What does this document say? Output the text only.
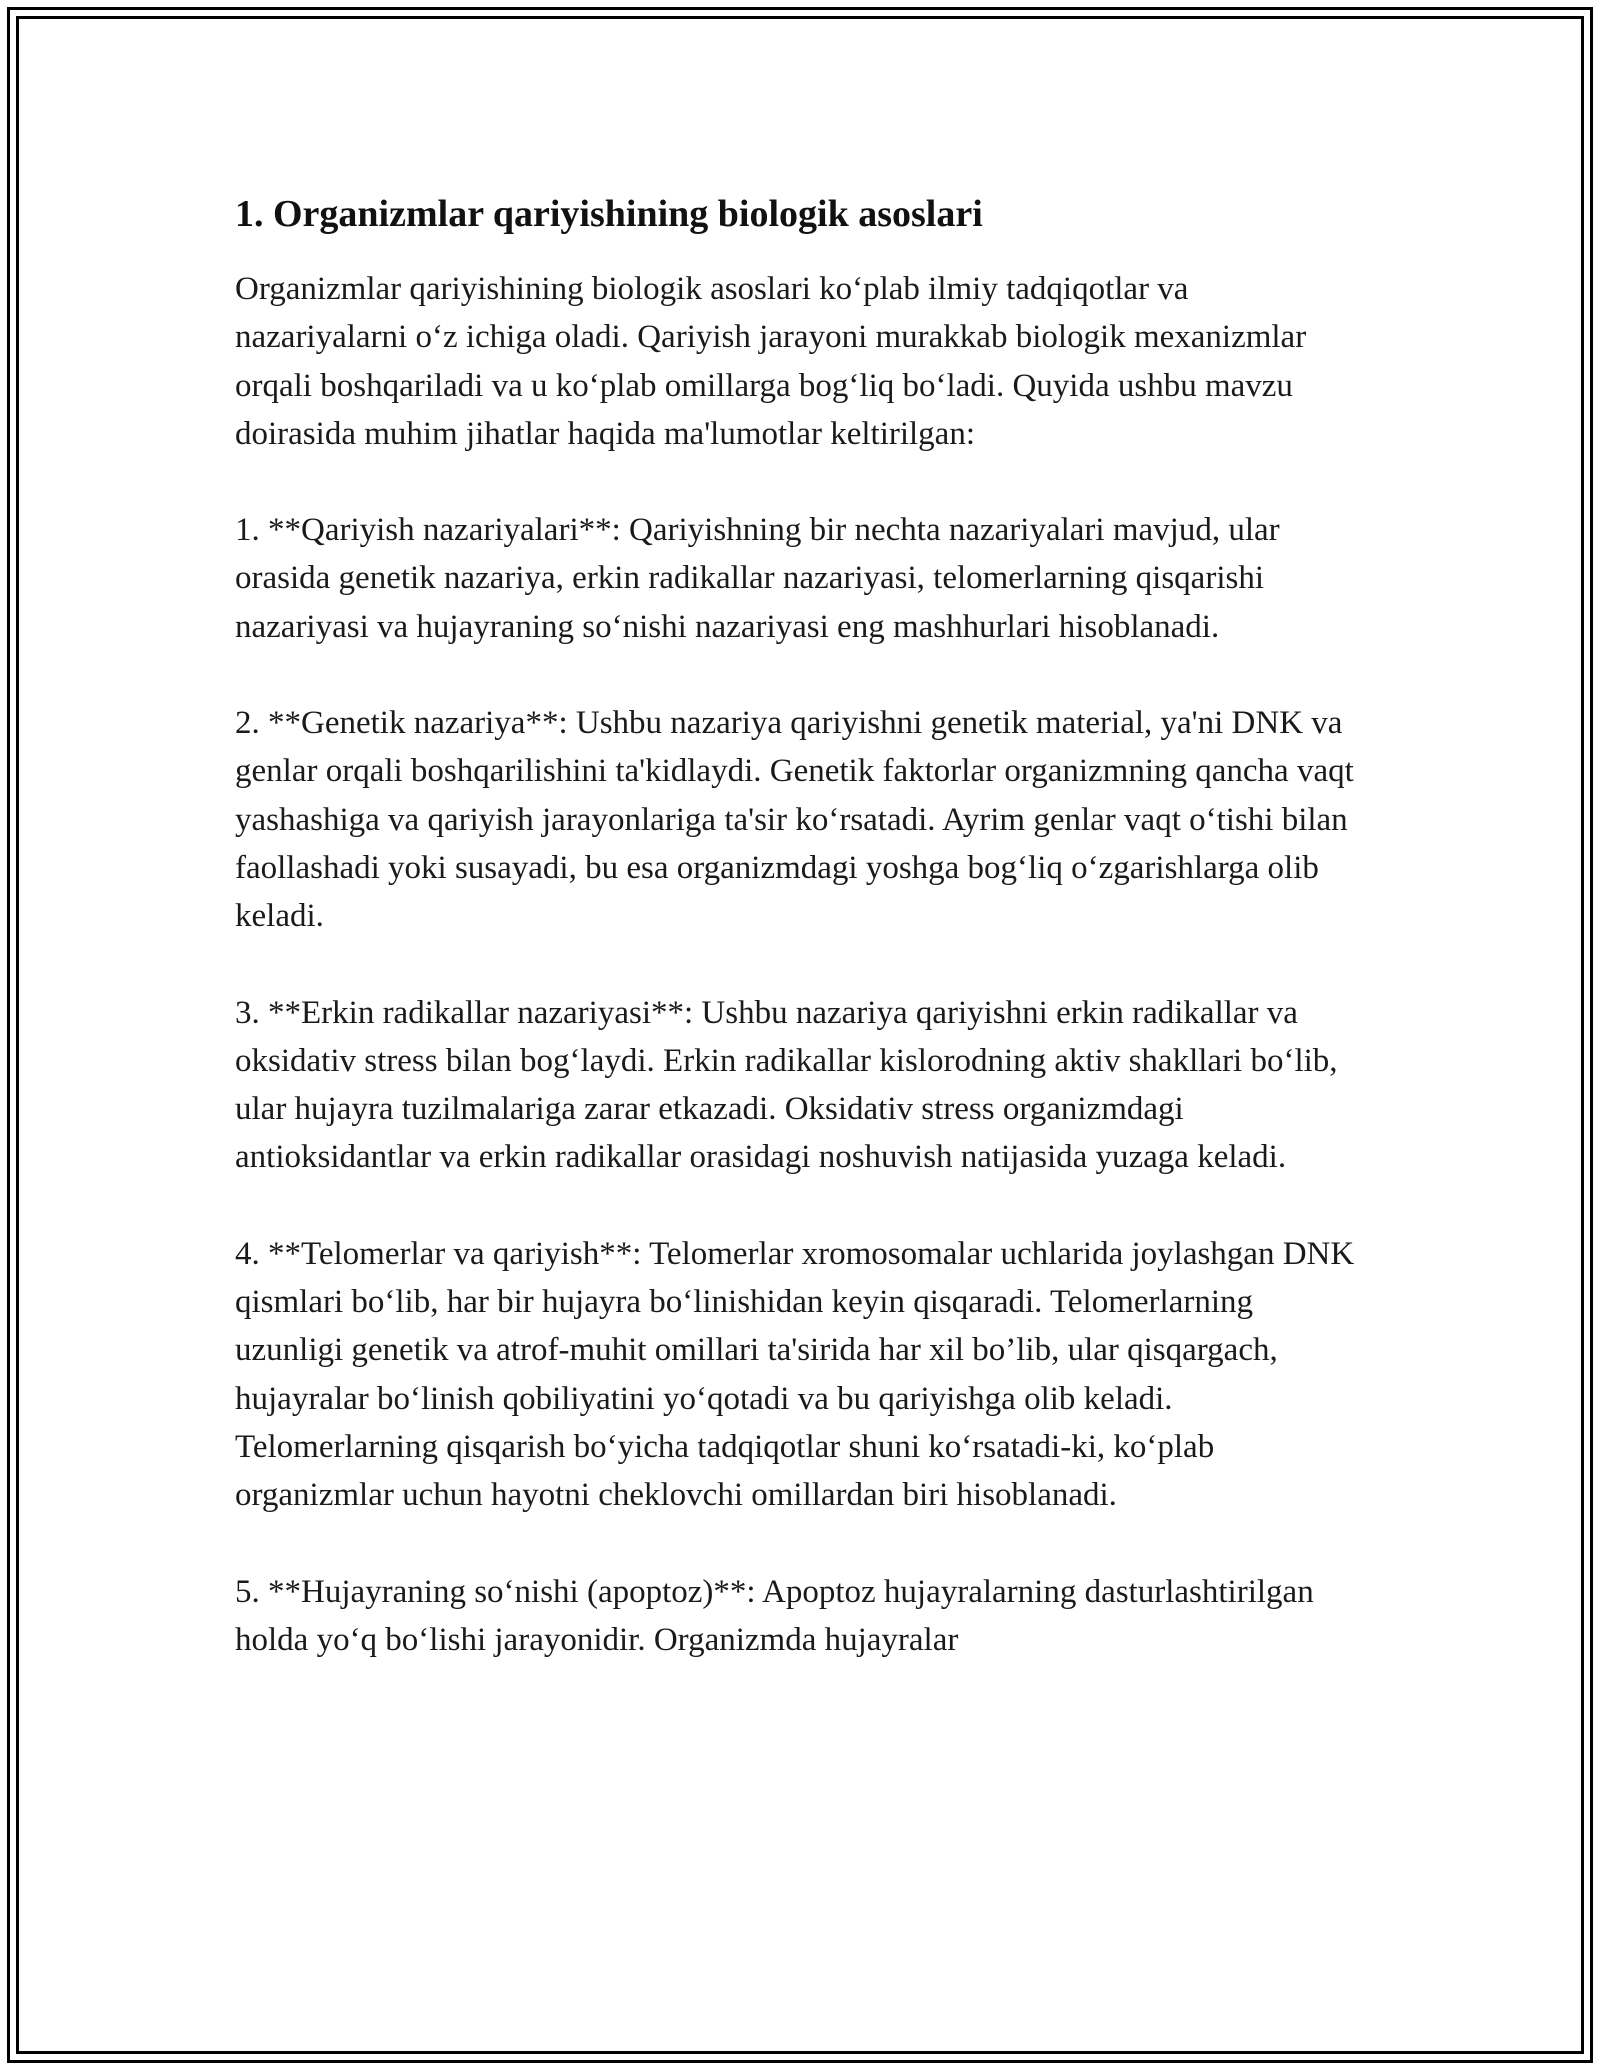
1. Organizmlar qariyishining biologik asoslari

Organizmlar qariyishining biologik asoslari ko‘plab ilmiy tadqiqotlar va nazariyalarni o‘z ichiga oladi. Qariyish jarayoni murakkab biologik mexanizmlar orqali boshqariladi va u ko‘plab omillarga bog‘liq bo‘ladi. Quyida ushbu mavzu doirasida muhim jihatlar haqida ma'lumotlar keltirilgan:

1. **Qariyish nazariyalari**: Qariyishning bir nechta nazariyalari mavjud, ular orasida genetik nazariya, erkin radikallar nazariyasi, telomerlarning qisqarishi nazariyasi va hujayraning so‘nishi nazariyasi eng mashhurlari hisoblanadi.

2. **Genetik nazariya**: Ushbu nazariya qariyishni genetik material, ya'ni DNK va genlar orqali boshqarilishini ta'kidlaydi. Genetik faktorlar organizmning qancha vaqt yashashiga va qariyish jarayonlariga ta'sir ko‘rsatadi. Ayrim genlar vaqt o‘tishi bilan faollashadi yoki susayadi, bu esa organizmdagi yoshga bog‘liq o‘zgarishlarga olib keladi.

3. **Erkin radikallar nazariyasi**: Ushbu nazariya qariyishni erkin radikallar va oksidativ stress bilan bog‘laydi. Erkin radikallar kislorodning aktiv shakllari bo‘lib, ular hujayra tuzilmalariga zarar etkazadi. Oksidativ stress organizmdagi antioksidantlar va erkin radikallar orasidagi noshuvish natijasida yuzaga keladi.

4. **Telomerlar va qariyish**: Telomerlar xromosomalar uchlarida joylashgan DNK qismlari bo‘lib, har bir hujayra bo‘linishidan keyin qisqaradi. Telomerlarning uzunligi genetik va atrof-muhit omillari ta'sirida har xil bo’lib, ular qisqargach, hujayralar bo‘linish qobiliyatini yo‘qotadi va bu qariyishga olib keladi. Telomerlarning qisqarish bo‘yicha tadqiqotlar shuni ko‘rsatadi-ki, ko‘plab organizmlar uchun hayotni cheklovchi omillardan biri hisoblanadi.

5. **Hujayraning so‘nishi (apoptoz)**: Apoptoz hujayralarning dasturlashtirilgan holda yo‘q bo‘lishi jarayonidir. Organizmda hujayralar
